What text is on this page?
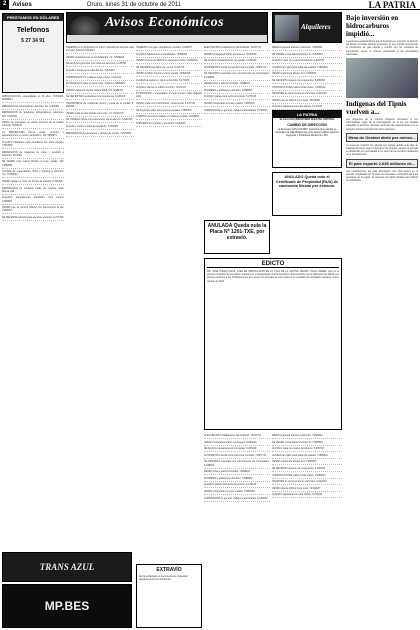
2	Avisos	Oruro, lunes 31 de octubre de 2011	LA PATRIA
Avisos Económicos	Alquileres
AMPLIFICACION, especialistas en 15 años, 70766341, 52456813
REPARACION computadoras domicilio. Tel. 5-250981
REPARACION de lavadoras, refrigeradores, calefones. Telf. 70433011
VENTA de inmuebles en varios sectores de la ciudad, consulte 72396115
LA INMOBILIARIA ofrece casas, terrenos y departamentos en venta y anticrético. Telf. 5250871
ALQUILO habitación para estudiante con baño privado. 71844591
REPARACION de máquinas de coser y overlock a domicilio. 5274152
SE VENDE moto marca Honda en buen estado. Telf. 71866551
CLASES de matemáticas, física y química a domicilio. Cel. 70700541
VENDO garaje en zona sur. Precio de ocasión. 5-265448
REPARACION de celulares todas las marcas. Calle Bolívar 645
ALQUILO departamento amoblado zona central. 72358811
VENDO lote de terreno 300m2 con documentos al día. 71238471
SE NECESITA señorita para atención al cliente. 5-277400
PRESTAMOS EN DÓLARES
Telefonos
5 27 34 91
TENEMOS a su disposición la mayor variedad de artículos para el hogar. Teléfono 5254413
VENDO departamento en Cochabamba. Inf. 71839943
SE ALQUILA garzonier con todos los servicios. 5-250761
ALQUILO tienda en la calle Bolívar. 72341119
COMPRAMOS oro y plata al mejor precio. 5-241114
ANTICRETICO casa en zona norte. Teléfono 71845520
VENDO vagoneta Toyota modelo 2008. Cel 72384471
SE NECESITAN vendedores con experiencia. 5-236110
TRANSPORTE de mudanzas dentro y fuera de la ciudad. 5-259093
VENDO casa de dos plantas zona este. Inf. 70420178
SE OFRECE niñera con experiencia, cama adentro. 72402231
ALQUILO cuarto a señorita estudiante. 5-251904
REPARACION de televisores y equipos de sonido. 72370455
TENEMOS una gran variedad de muebles. 5-252877
ALQUILO habitaciones a estudiantes. 71868231
VENDO terreno de 450m2 en carretera a Vinto. 72381664
SE NECESITA ayudante de cocina. 5-237718
VENDO minibús Toyota en buen estado. 71890045
CLASES de guitarra y piano a domicilio. 5-273388
ALQUILO oficina en edificio céntrico. 72474471
FOTOCOPIAS y empastados al mejor precio. Calle Pagador 1021
VENDO casa con 6 dormitorios, zona central. 5-247760
SE ALQUILA salón para eventos sociales. 71855410
COMPRO vehículos usados en cualquier estado. 72318874
TAPICERIA de muebles y vehículos. 5-262910
ELECTRICISTA instalaciones domiciliarias. 70407711
VENDO motocicleta 150cc seminueva. 71833620
SE ALQUILA departamento con garaje. 5-253109
ANTICRETICO tienda comercial zona mercado. 72367742
SE NECESITA secretaria con conocimiento de computación. 5-248822
VENDO lotes a plazos cómodos. 71828119
PLOMERIA y gasfitería a domicilio. 72398821
ALQUILO garaje para vehículo grande. 5-276115
VENDO refrigerador en buen estado. 71855103
CARPINTERIA en general, trabajos garantizados. 5-250641
MEDICO general atiende a domicilio. 71835541
SE VENDE computadora Pentium IV. 72305581
ALQUILO casa con cuatro dormitorios. 5-259733
CLASES de inglés para todas las edades. 71899001
VENDO camioneta Nissan 4x4. 72345511
SE NECESITA mesero con experiencia. 5-280034
CONSTRUCTORA realiza obras civiles. 71869012
TRAMITES de documentos de vehículos. 5-244400
VENDO lote de 200m2 zona norte. 72310087
ALQUILO departamento para oficina. 5-271166
LA PATRIA
92 Años DOCUMENTANDO NUESTRA HISTORIA
CAMBIO DE DIRECCIÓN
La Empresa "LOS CUATRO" Comunica Que cambio su domicilio a la calle Bolivar esq. 6 de Agosto edificio para los Negocios y Presidente Montes No. 510
ANULADA Queda nula la Placa N° 1201-TXE, por extravío.
ANULADO Queda nulo el Certificado de Propiedad (RUA) de camioneta Nissan por extravío.
EDICTO
DR. JOSE TOMAS CRUZ, JUEZ DE INSTRUCCION EN LO CIVIL DE LA CAPITAL ORURO, HAGO SABER: Que en el proceso ordinario de usucapión seguido por el demandante contra herederos desconocidos, se ha dispuesto la citación por edictos conforme a ley. Publíquese por tres veces con intervalo de cinco días en un periódico de circulación nacional. Oruro, octubre de 2011.
ELECTRICISTA instalaciones domiciliarias. 70407711
VENDO motocicleta 150cc seminueva. 71833620
SE ALQUILA departamento con garaje. 5-253109
ANTICRETICO tienda comercial zona mercado. 72367742
SE NECESITA secretaria con conocimiento de computación. 5-248822
VENDO lotes a plazos cómodos. 71828119
PLOMERIA y gasfitería a domicilio. 72398821
ALQUILO garaje para vehículo grande. 5-276115
VENDO refrigerador en buen estado. 71855103
CARPINTERIA en general, trabajos garantizados. 5-250641
MEDICO general atiende a domicilio. 71835541
SE VENDE computadora Pentium IV. 72305581
ALQUILO casa con cuatro dormitorios. 5-259733
CLASES de inglés para todas las edades. 71899001
VENDO camioneta Nissan 4x4. 72345511
SE NECESITA mesero con experiencia. 5-280034
CONSTRUCTORA realiza obras civiles. 71869012
TRAMITES de documentos de vehículos. 5-244400
VENDO lote de 200m2 zona norte. 72310087
ALQUILO departamento para oficina. 5-271166
EXTRAVÍO
Se ha extraviado un documento de propiedad, agradeceremos su devolución.
TRANS AZUL
MP.BES
Bajo inversión en hidrocarburos impidió...
La empresa estatal informó que la inversión en el sector no alcanzó las metas previstas durante la gestión, lo que impidió incrementar la producción de gas natural y cumplir con los contratos de exportación, según el informe presentado a las autoridades nacionales.
Indígenas del Tipnis vuelven a...
Los dirigentes de la marcha indígena retornaron a sus comunidades luego de la promulgación de la ley que declara intangible el territorio, mientras continúan las negociaciones con el gobierno sobre la construcción de la carretera.
Mesa de Ocotaví abrió por menos...
La mesa de votación fue abierta con retraso debido a la falta de material electoral, según informaron los jurados, aunque la jornada se desarrolló con normalidad en el resto de los recintos habilitados en el departamento.
El país exportó 2.645 millones de...
Las exportaciones del país alcanzaron una cifra récord en el periodo, impulsadas por la venta de minerales e hidrocarburos a los mercados de la región, de acuerdo con datos oficiales del instituto de estadística.
